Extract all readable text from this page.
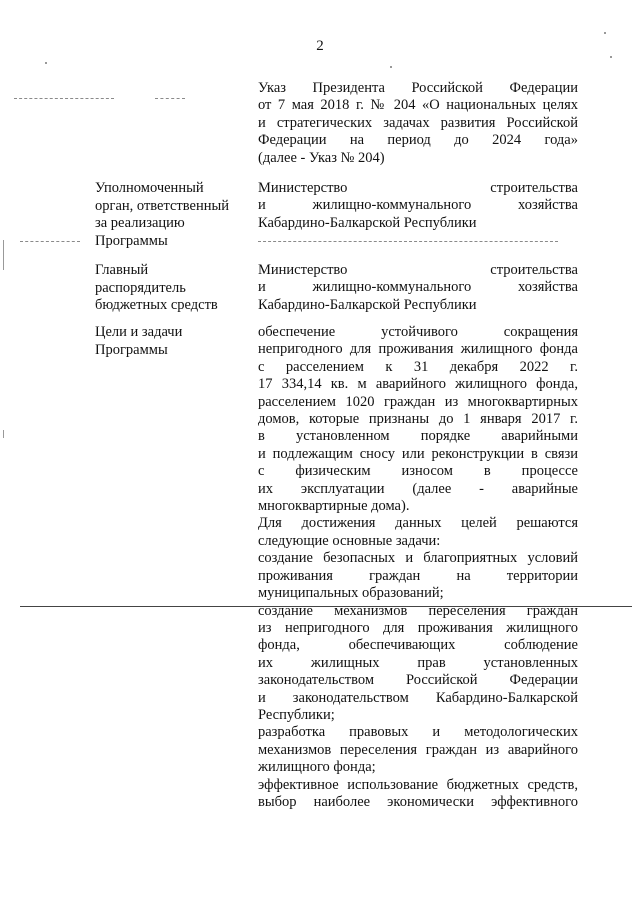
2

Указ Президента Российской Федерации

от 7 мая 2018 г. № 204 «О национальных целях

и стратегических задачах развития Российской

Федерации на период до 2024 года»

(далее - Указ № 204)

Уполномоченный
орган, ответственный
за реализацию
Программы

Министерство строительства

и жилищно-коммунального хозяйства

Кабардино-Балкарской Республики

Главный
распорядитель
бюджетных средств

Министерство строительства

и жилищно-коммунального хозяйства

Кабардино-Балкарской Республики

Цели и задачи
Программы

обеспечение устойчивого сокращения

непригодного для проживания жилищного фонда

с расселением к 31 декабря 2022 г.

17 334,14 кв. м аварийного жилищного фонда,

расселением 1020 граждан из многоквартирных

домов, которые признаны до 1 января 2017 г.

в установленном порядке аварийными

и подлежащим сносу или реконструкции в связи

с физическим износом в процессе

их эксплуатации (далее - аварийные

многоквартирные дома).

Для достижения данных целей решаются

следующие основные задачи:

создание безопасных и благоприятных условий

проживания граждан на территории

муниципальных образований;

создание механизмов переселения граждан

из непригодного для проживания жилищного

фонда, обеспечивающих соблюдение

их жилищных прав установленных

законодательством Российской Федерации

и законодательством Кабардино-Балкарской

Республики;

разработка правовых и методологических

механизмов переселения граждан из аварийного

жилищного фонда;

эффективное использование бюджетных средств,

выбор наиболее экономически эффективного
